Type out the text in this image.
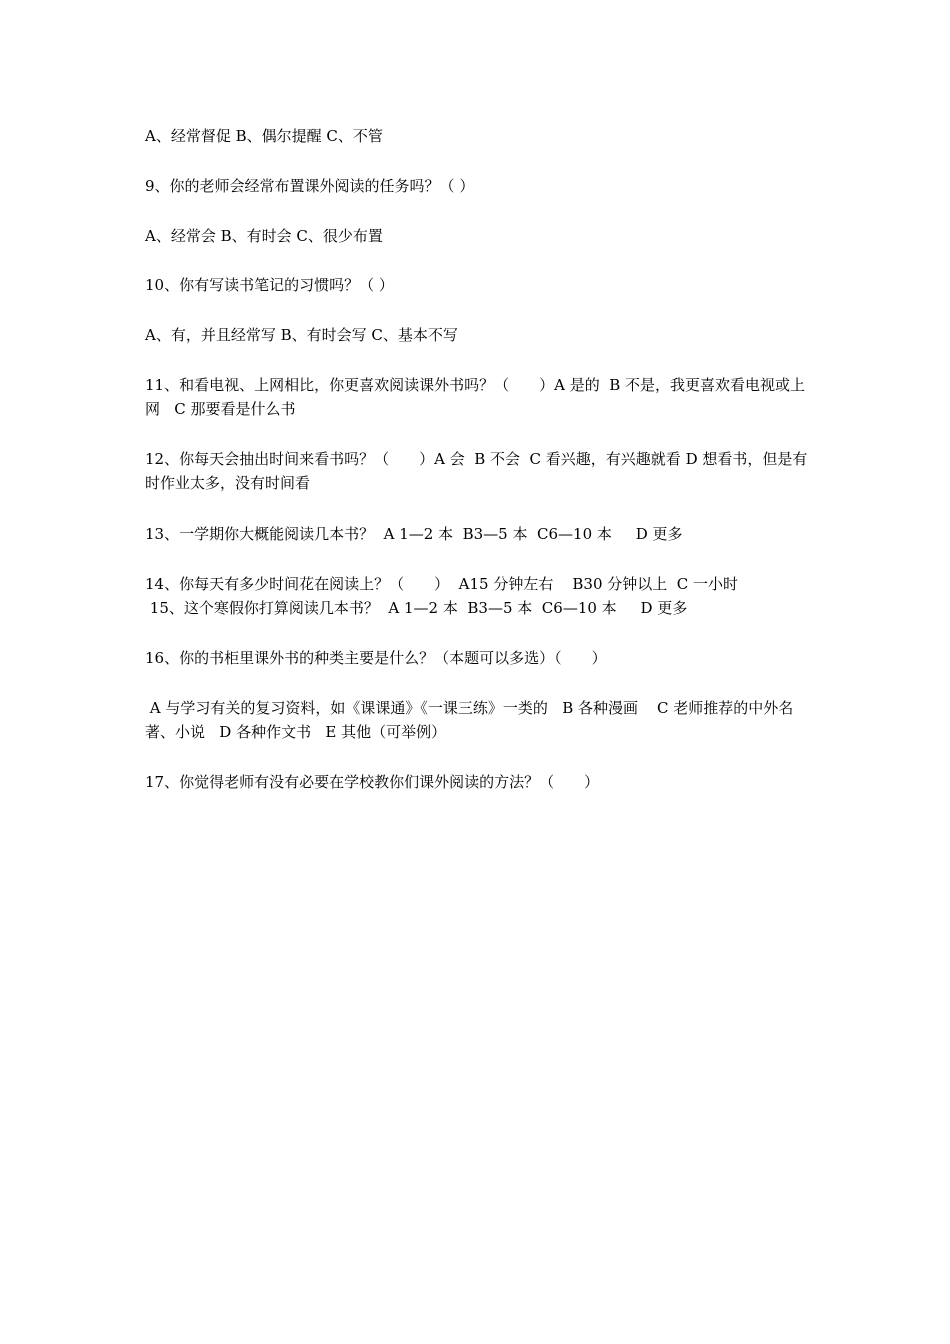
A、经常督促 B、偶尔提醒 C、不管
9、你的老师会经常布置课外阅读的任务吗？（ ）
A、经常会 B、有时会 C、很少布置
10、你有写读书笔记的习惯吗？（ ）
A、有，并且经常写 B、有时会写 C、基本不写
11、和看电视、上网相比，你更喜欢阅读课外书吗？（　　）A 是的  B 不是，我更喜欢看电视或上网   C 那要看是什么书
12、你每天会抽出时间来看书吗？（　　）A 会  B 不会  C 看兴趣，有兴趣就看 D 想看书，但是有时作业太多，没有时间看
13、一学期你大概能阅读几本书？  A 1—2 本  B3—5 本  C6—10 本     D 更多
14、你每天有多少时间花在阅读上？（　　）  A15 分钟左右    B30 分钟以上  C 一小时
15、这个寒假你打算阅读几本书？  A 1—2 本  B3—5 本  C6—10 本     D 更多
16、你的书柜里课外书的种类主要是什么？（本题可以多选）（　　）
A 与学习有关的复习资料，如《课课通》《一课三练》一类的   B 各种漫画    C 老师推荐的中外名著、小说   D 各种作文书   E 其他（可举例）
17、你觉得老师有没有必要在学校教你们课外阅读的方法？（　　）
